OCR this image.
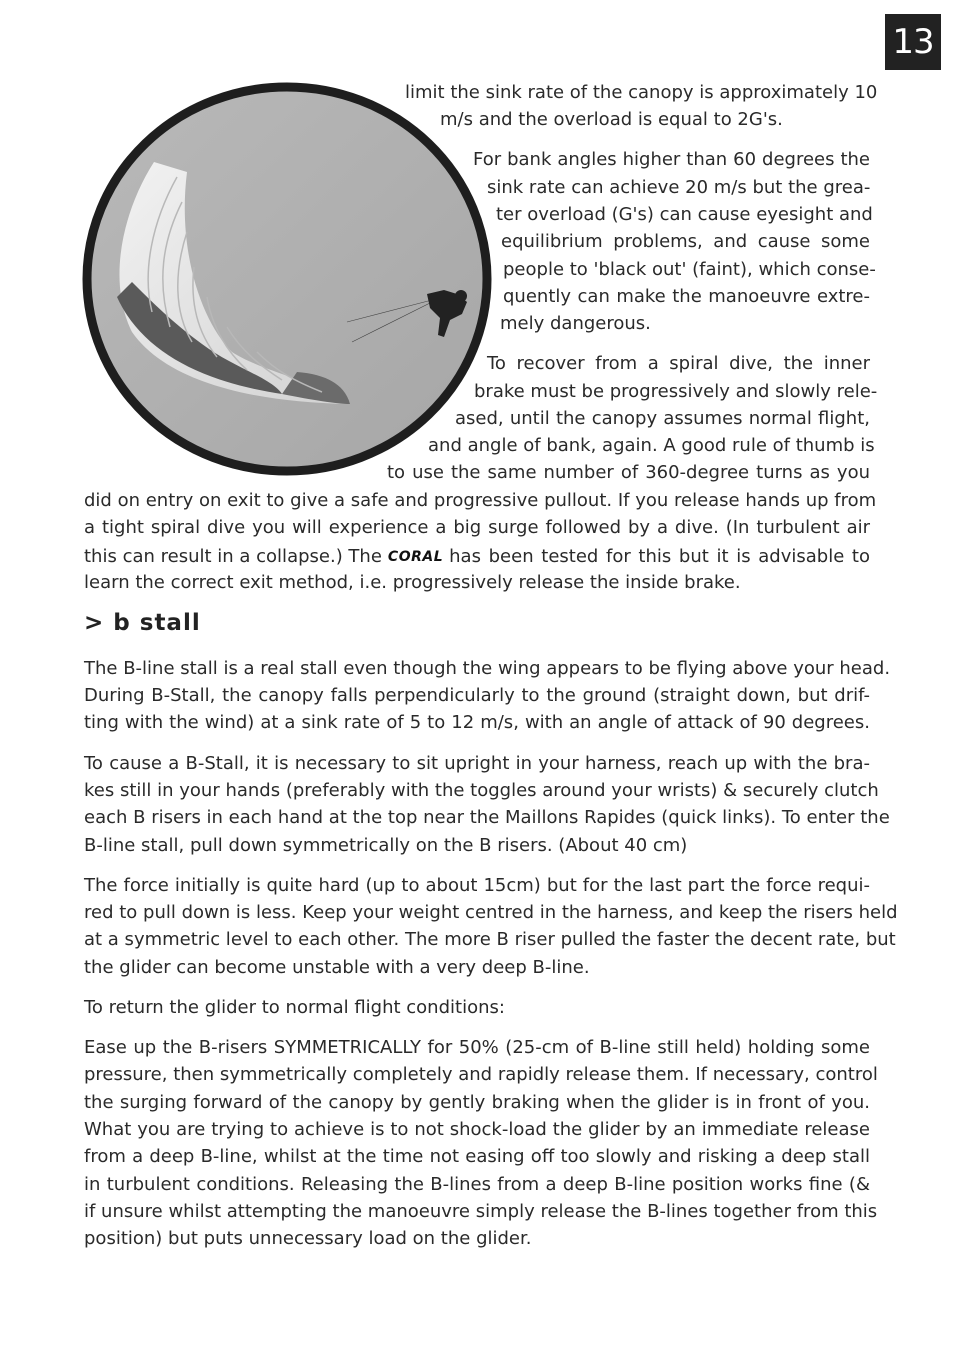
13
limit the sink rate of the canopy is approximately 10
m/s and the overload is equal to 2G's.
For bank angles higher than 60 degrees the
sink rate can achieve 20 m/s but the grea-
ter overload (G's) can cause eyesight and
equilibrium problems, and cause some
people to 'black out' (faint), which conse-
quently can make the manoeuvre extre-
mely dangerous.
To recover from a spiral dive, the inner
brake must be progressively and slowly rele-
ased, until the canopy assumes normal flight,
and angle of bank, again. A good rule of thumb is
to use the same number of 360-degree turns as you
did on entry on exit to give a safe and progressive pullout. If you release hands up from
a tight spiral dive you will experience a big surge followed by a dive. (In turbulent air
this can result in a collapse.) The CORAL has been tested for this but it is advisable to
learn the correct exit method, i.e. progressively release the inside brake.
> b stall
The B-line stall is a real stall even though the wing appears to be flying above your head.
During B-Stall, the canopy falls perpendicularly to the ground (straight down, but drif-
ting with the wind) at a sink rate of 5 to 12 m/s, with an angle of attack of 90 degrees.
To cause a B-Stall, it is necessary to sit upright in your harness, reach up with the bra-
kes still in your hands (preferably with the toggles around your wrists) & securely clutch
each B risers in each hand at the top near the Maillons Rapides (quick links). To enter the
B-line stall, pull down symmetrically on the B risers. (About 40 cm)
The force initially is quite hard (up to about 15cm) but for the last part the force requi-
red to pull down is less. Keep your weight centred in the harness, and keep the risers held
at a symmetric level to each other. The more B riser pulled the faster the decent rate, but
the glider can become unstable with a very deep B-line.
To return the glider to normal flight conditions:
Ease up the B-risers SYMMETRICALLY for 50% (25-cm of B-line still held) holding some
pressure, then symmetrically completely and rapidly release them. If necessary, control
the surging forward of the canopy by gently braking when the glider is in front of you.
What you are trying to achieve is to not shock-load the glider by an immediate release
from a deep B-line, whilst at the time not easing off too slowly and risking a deep stall
in turbulent conditions. Releasing the B-lines from a deep B-line position works fine (&
if unsure whilst attempting the manoeuvre simply release the B-lines together from this
position) but puts unnecessary load on the glider.
